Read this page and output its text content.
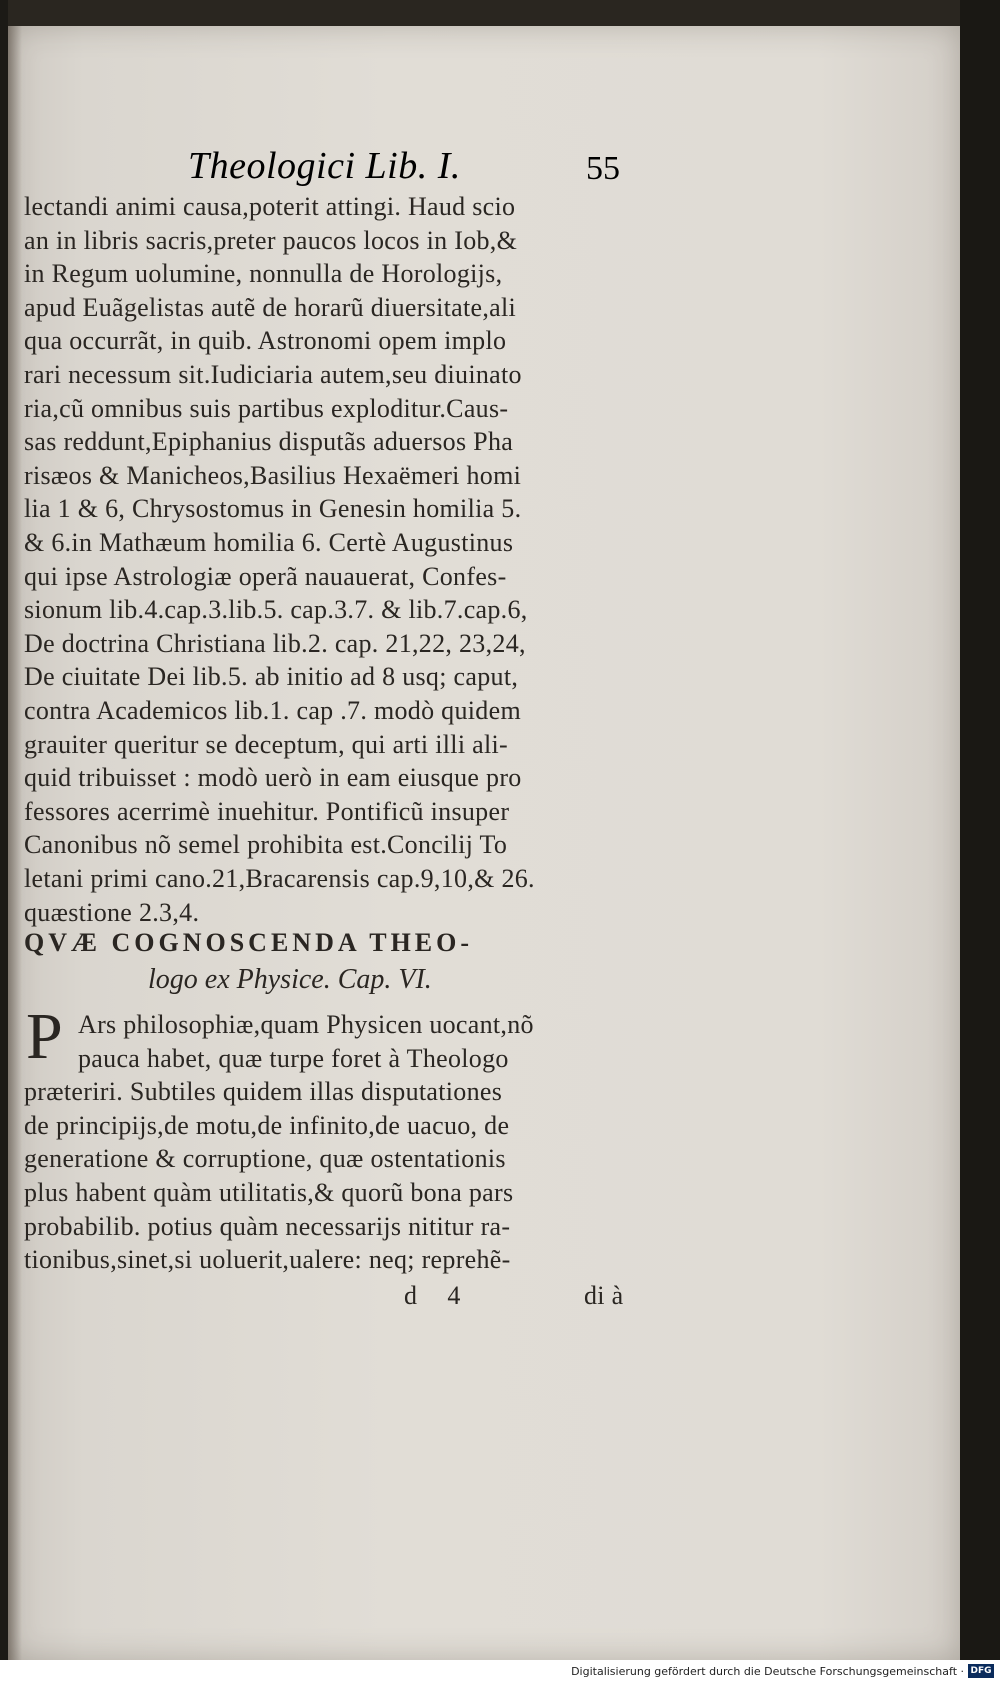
Theologici Lib. I.	55
lectandi animi causa,poterit attingi. Haud scio
an in libris sacris,preter paucos locos in Iob,&
in Regum uolumine, nonnulla de Horologijs,
apud Euãgelistas autẽ de horarũ diuersitate,ali
qua occurrãt, in quib. Astronomi opem implo
rari necessum sit.Iudiciaria autem,seu diuinato
ria,cũ omnibus suis partibus exploditur.Caus-
sas reddunt,Epiphanius disputãs aduersos Pha
risæos & Manicheos,Basilius Hexaëmeri homi
lia 1 & 6, Chrysostomus in Genesin homilia 5.
& 6.in Mathæum homilia 6. Certè Augustinus
qui ipse Astrologiæ operã nauauerat, Confes-
sionum lib.4.cap.3.lib.5. cap.3.7. & lib.7.cap.6,
De doctrina Christiana lib.2. cap. 21,22, 23,24,
De ciuitate Dei lib.5. ab initio ad 8 usq; caput,
contra Academicos lib.1. cap .7. modò quidem
grauiter queritur se deceptum, qui arti illi ali-
quid tribuisset : modò uerò in eam eiusque pro
fessores acerrimè inuehitur. Pontificũ insuper
Canonibus nõ semel prohibita est.Concilij To
letani primi cano.21,Bracarensis cap.9,10,& 26.
quæstione 2.3,4.
QVÆ COGNOSCENDA THEO-
logo ex Physice. Cap. VI.
P Ars philosophiæ,quam Physicen uocant,nõ
pauca habet, quæ turpe foret à Theologo
præteriri. Subtiles quidem illas disputationes
de principijs,de motu,de infinito,de uacuo, de
generatione & corruptione, quæ ostentationis
plus habent quàm utilitatis,& quorũ bona pars
probabilib. potius quàm necessarijs nititur ra-
tionibus,sinet,si uoluerit,ualere: neq; reprehẽ-
d 4	di à
Digitalisierung gefördert durch die Deutsche Forschungsgemeinschaft · DFG
